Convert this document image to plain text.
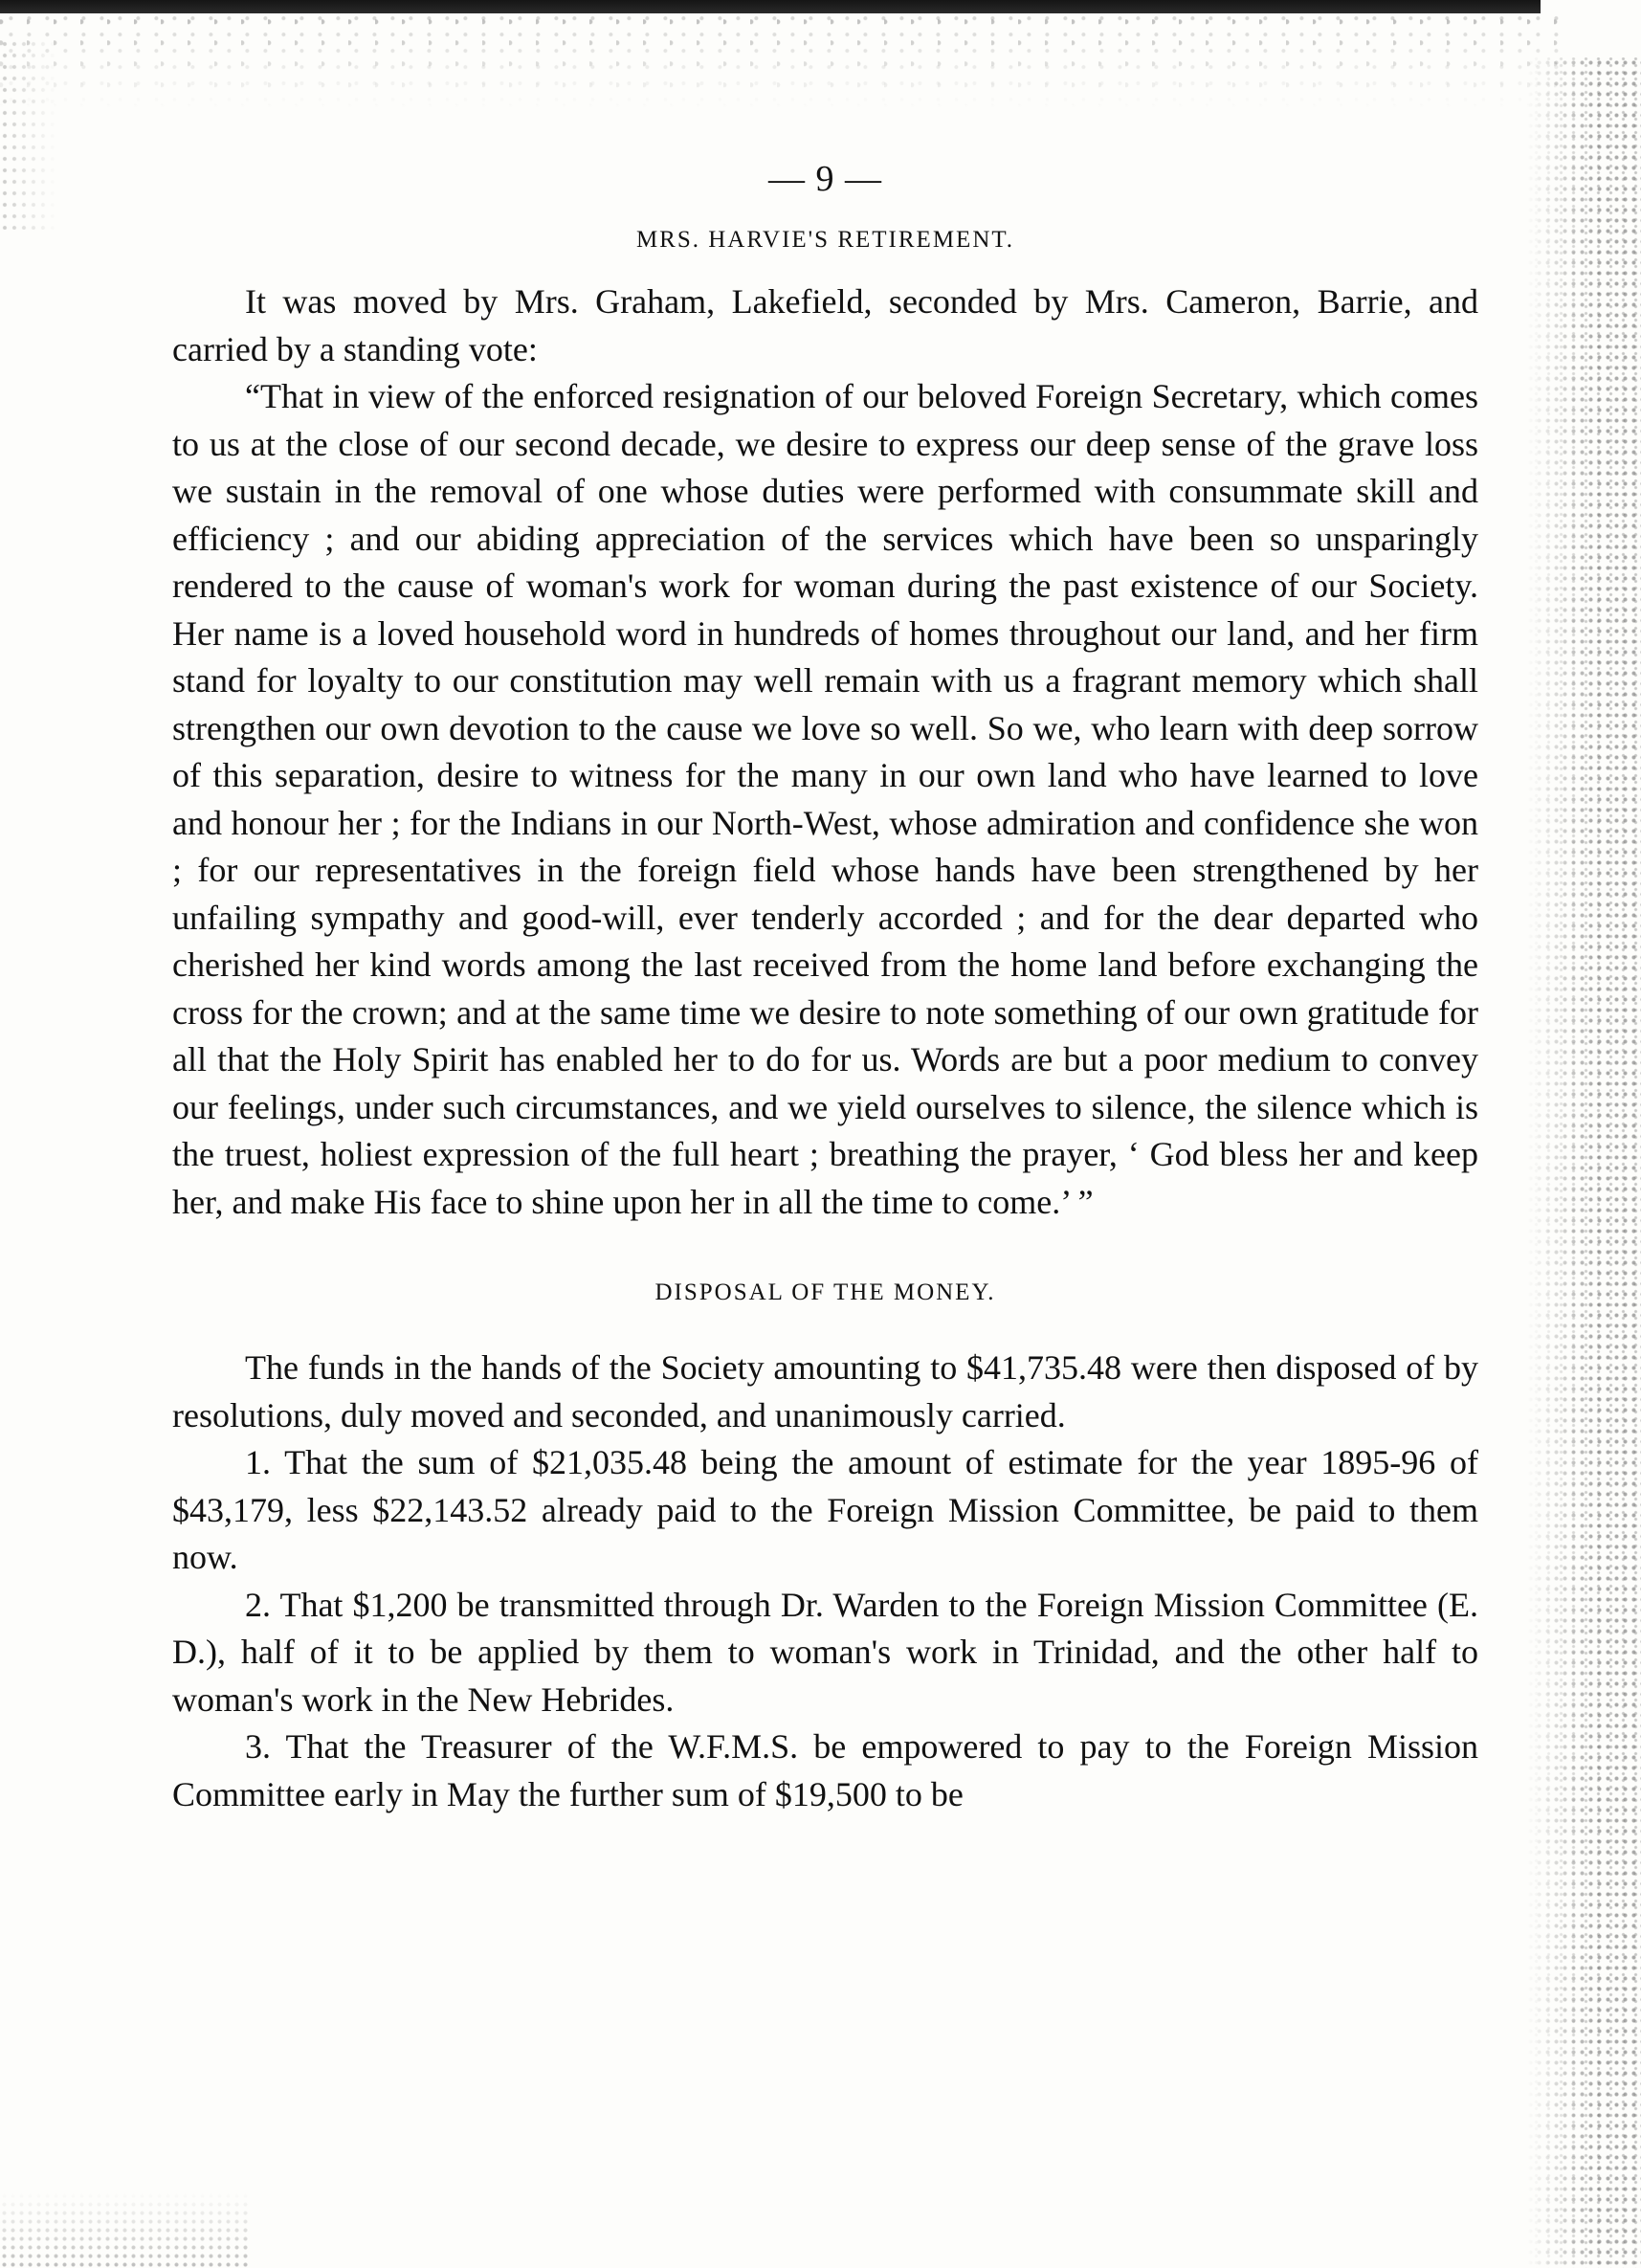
— 9 —
MRS. HARVIE'S RETIREMENT.

It was moved by Mrs. Graham, Lakefield, seconded by Mrs. Cameron, Barrie, and carried by a standing vote:

“That in view of the enforced resignation of our beloved Foreign Secretary, which comes to us at the close of our second decade, we desire to express our deep sense of the grave loss we sustain in the removal of one whose duties were performed with consummate skill and efficiency ; and our abiding appreciation of the services which have been so unsparingly rendered to the cause of woman's work for woman during the past existence of our Society. Her name is a loved household word in hundreds of homes throughout our land, and her firm stand for loyalty to our constitution may well remain with us a fragrant memory which shall strengthen our own devotion to the cause we love so well. So we, who learn with deep sorrow of this separation, desire to witness for the many in our own land who have learned to love and honour her ; for the Indians in our North-West, whose admiration and confidence she won ; for our representatives in the foreign field whose hands have been strengthened by her unfailing sympathy and good-will, ever tenderly accorded ; and for the dear departed who cherished her kind words among the last received from the home land before exchanging the cross for the crown; and at the same time we desire to note something of our own gratitude for all that the Holy Spirit has enabled her to do for us. Words are but a poor medium to convey our feelings, under such circumstances, and we yield ourselves to silence, the silence which is the truest, holiest expression of the full heart ; breathing the prayer, ‘ God bless her and keep her, and make His face to shine upon her in all the time to come.’ ”

DISPOSAL OF THE MONEY.

The funds in the hands of the Society amounting to $41,735.48 were then disposed of by resolutions, duly moved and seconded, and unanimously carried.

1. That the sum of $21,035.48 being the amount of estimate for the year 1895-96 of $43,179, less $22,143.52 already paid to the Foreign Mission Committee, be paid to them now.

2. That $1,200 be transmitted through Dr. Warden to the Foreign Mission Committee (E. D.), half of it to be applied by them to woman's work in Trinidad, and the other half to woman's work in the New Hebrides.

3. That the Treasurer of the W.F.M.S. be empowered to pay to the Foreign Mission Committee early in May the further sum of $19,500 to be
